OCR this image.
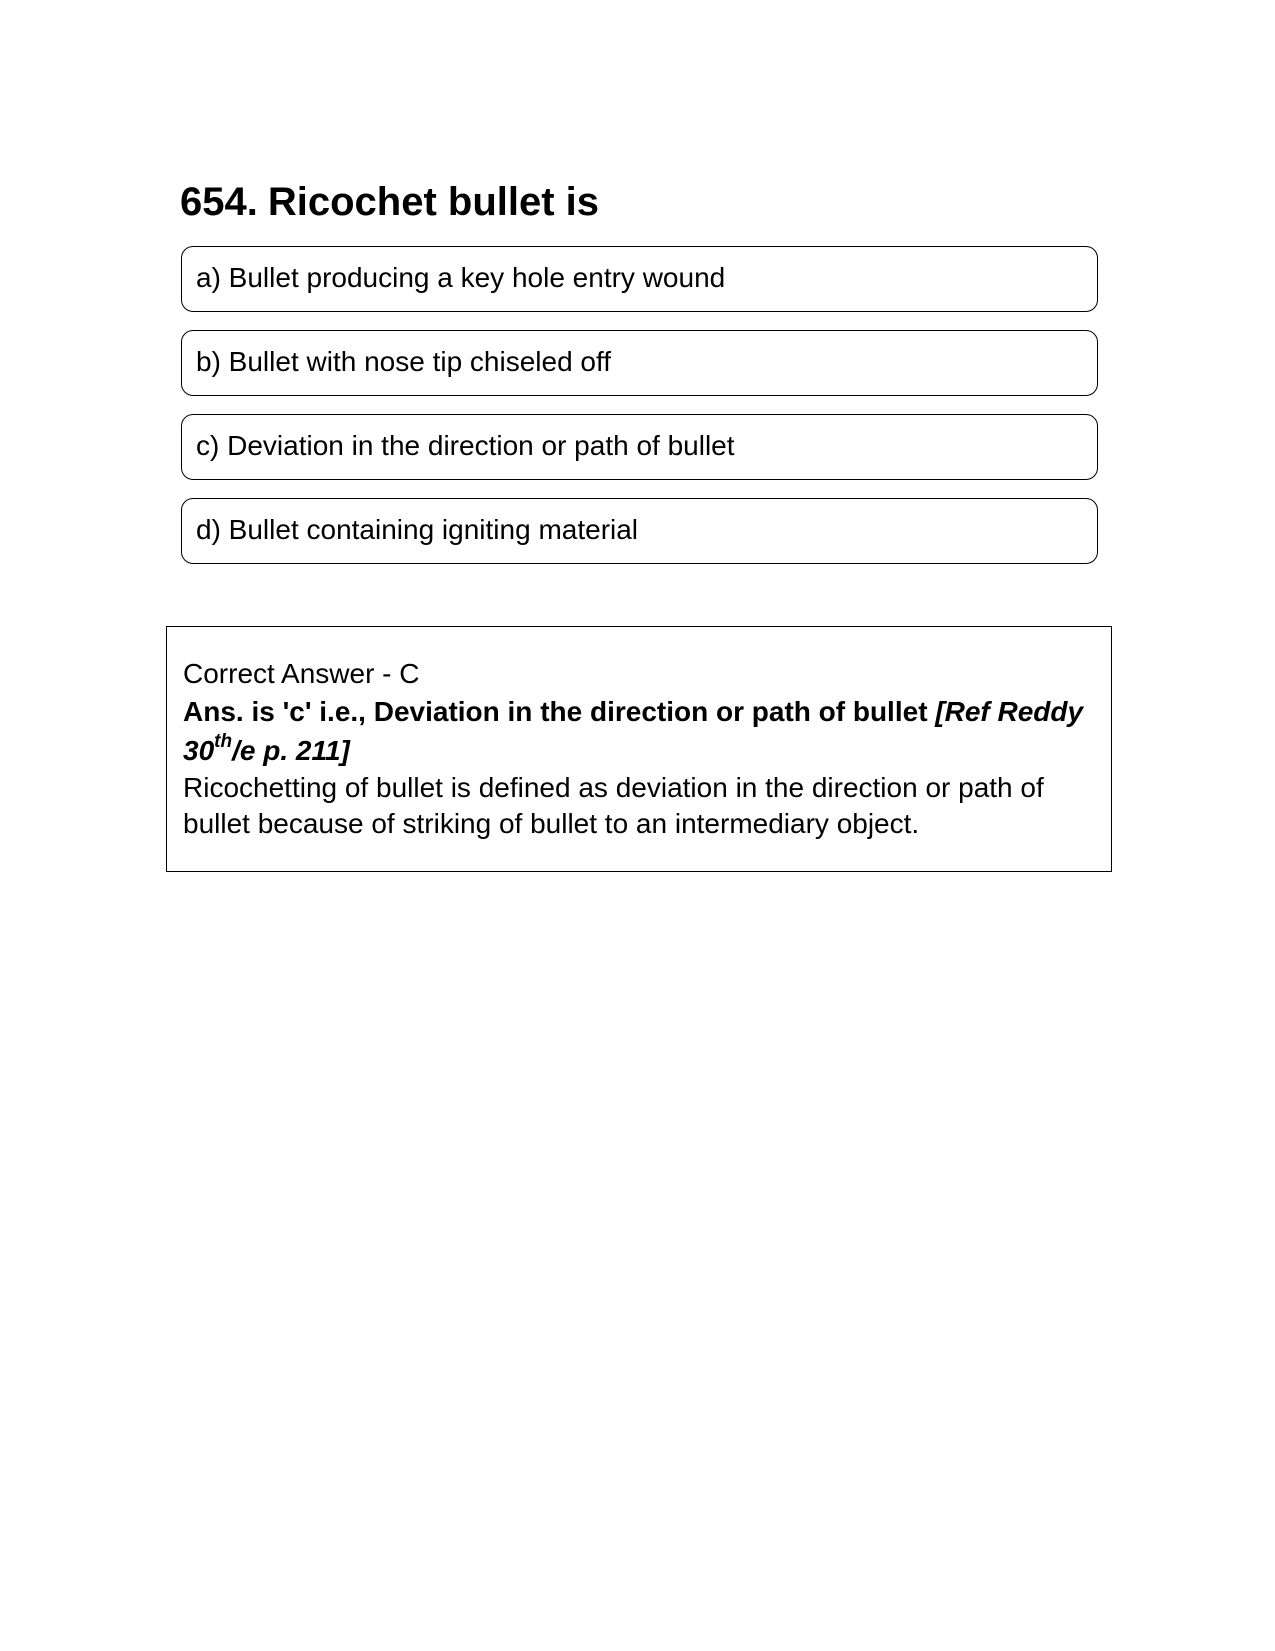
654. Ricochet bullet is
a) Bullet producing a key hole entry wound
b) Bullet with nose tip chiseled off
c) Deviation in the direction or path of bullet
d) Bullet containing igniting material

Correct Answer - C

Ans. is 'c' i.e., Deviation in the direction or path of bullet [Ref Reddy 30th/e p. 211]

Ricochetting of bullet is defined as deviation in the direction or path of bullet because of striking of bullet to an intermediary object.
